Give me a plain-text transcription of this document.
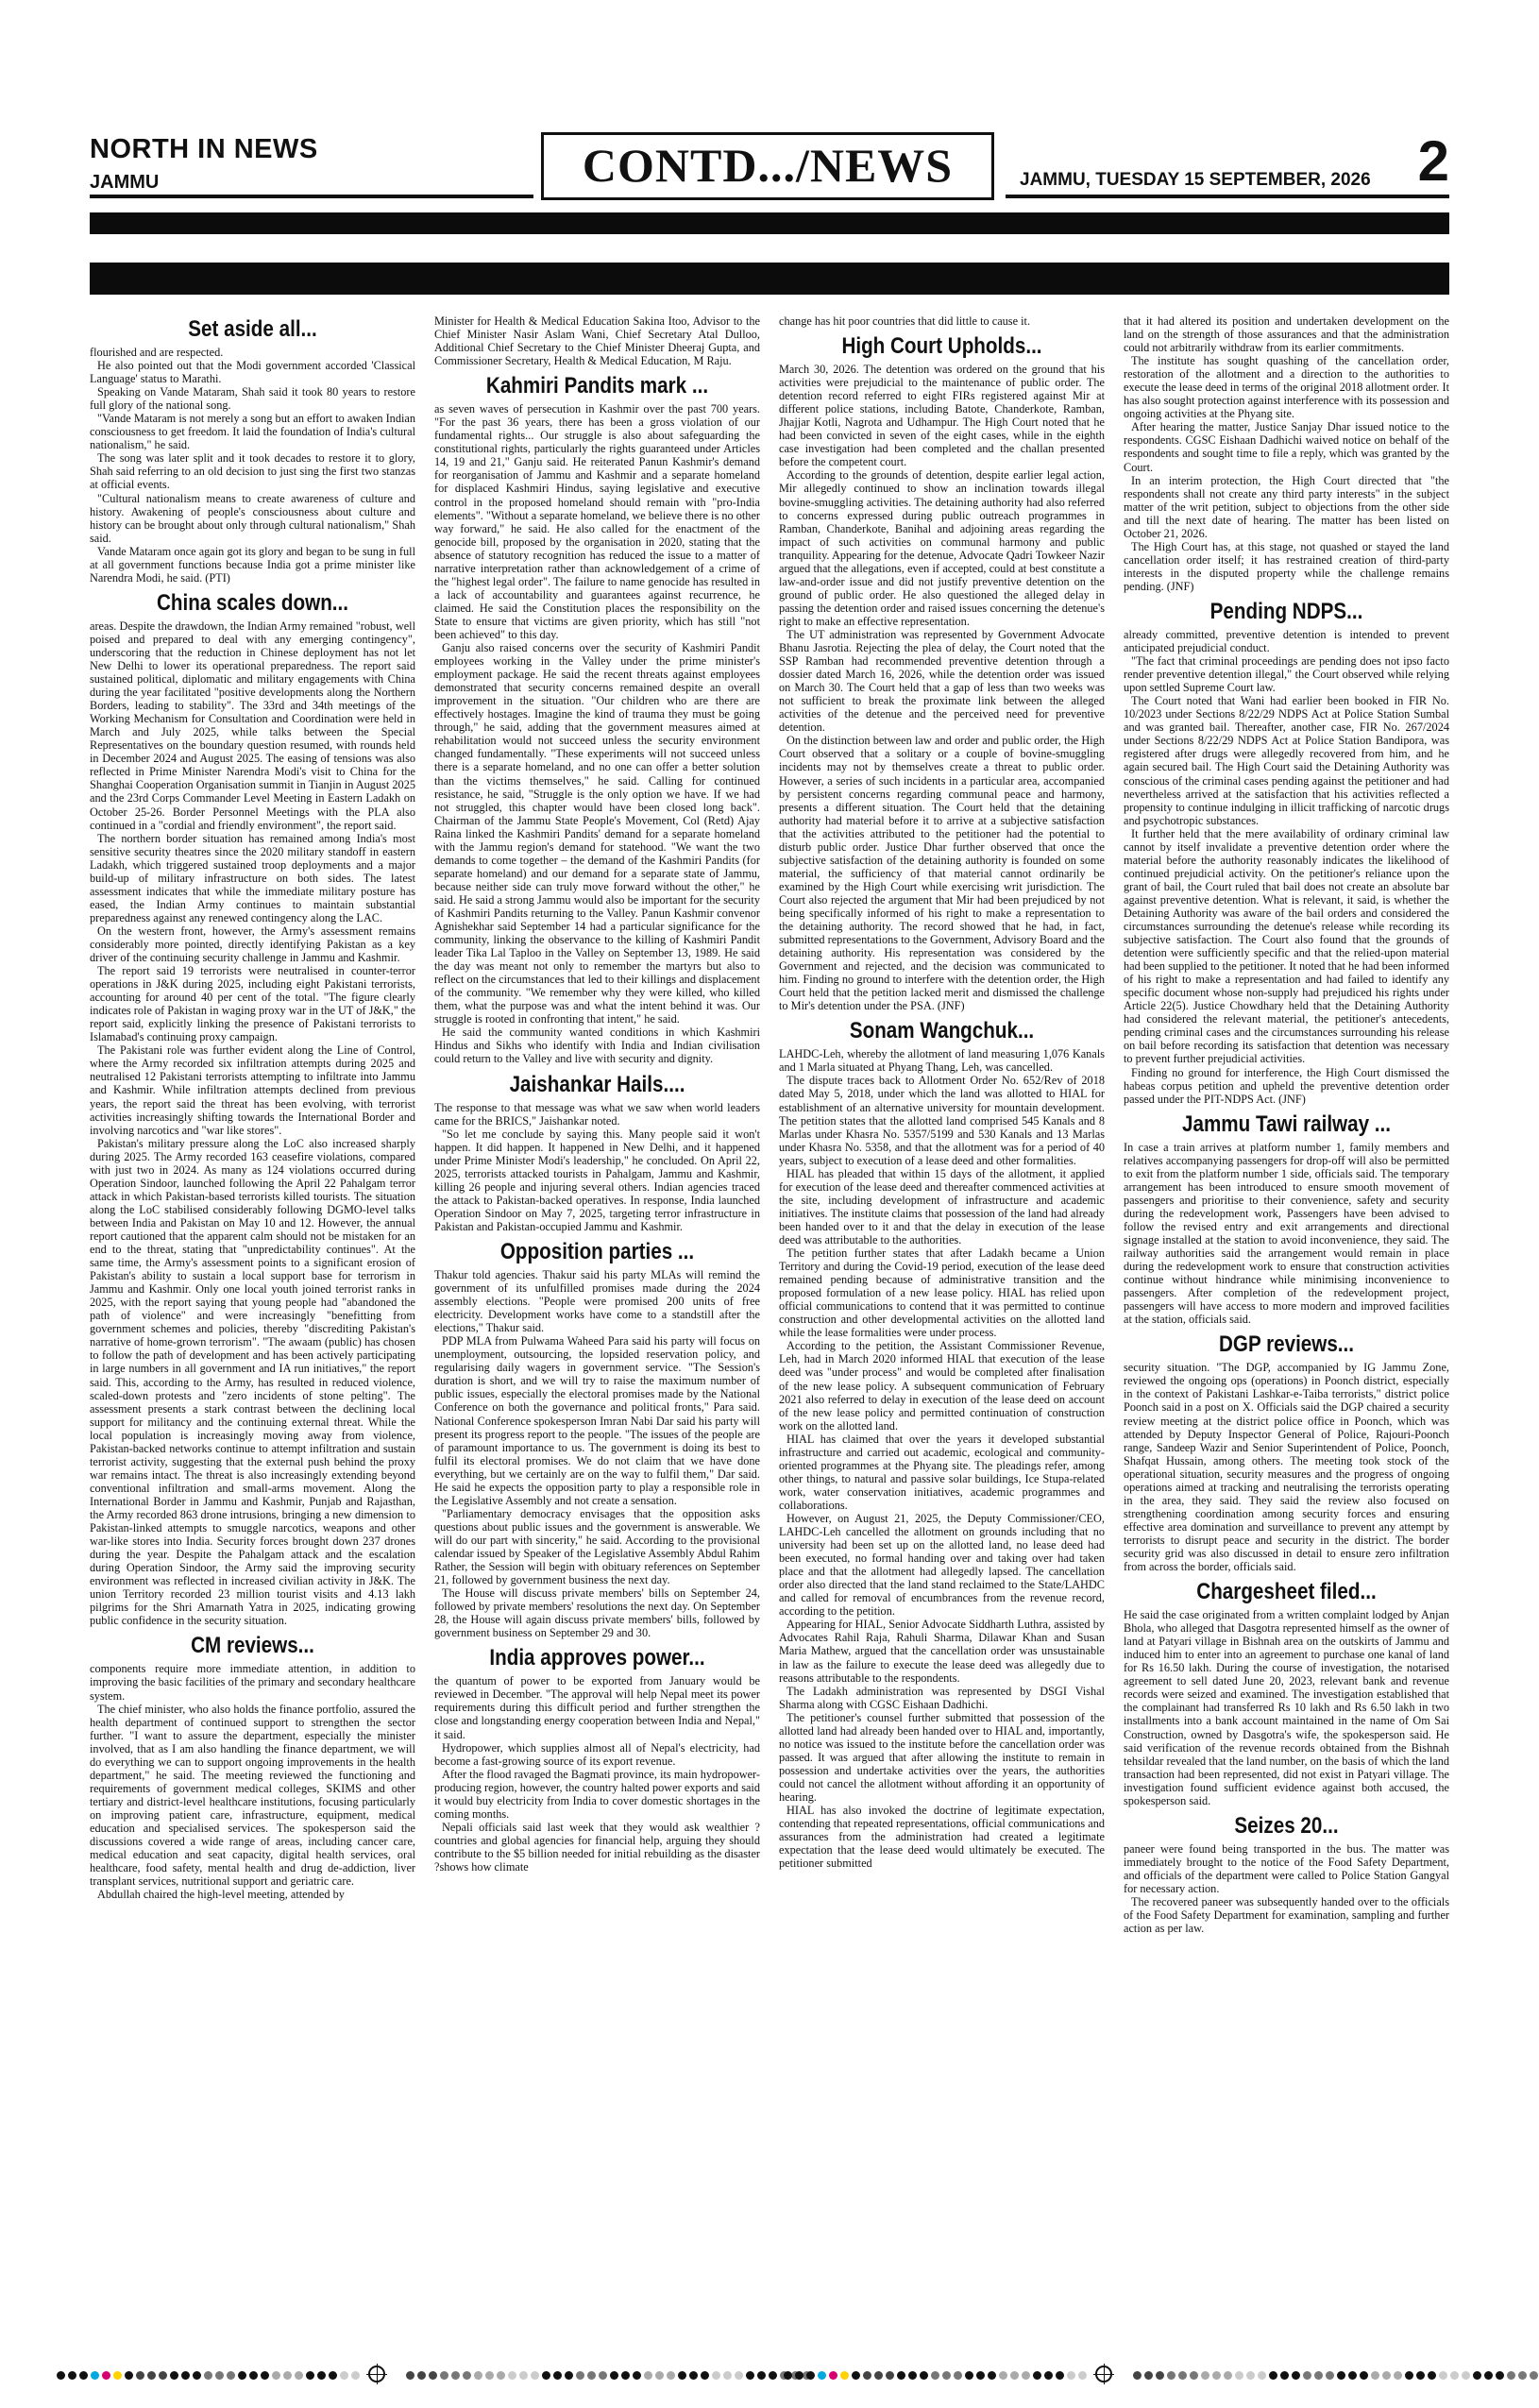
NORTH IN NEWS
JAMMU	CONTD.../NEWS	JAMMU, TUESDAY 15 SEPTEMBER, 2026 2
Set aside all...

flourished and are respected.

He also pointed out that the Modi government accorded 'Classical Language' status to Marathi.

Speaking on Vande Mataram, Shah said it took 80 years to restore full glory of the national song.

"Vande Mataram is not merely a song but an effort to awaken Indian consciousness to get freedom. It laid the foundation of India's cultural nationalism," he said.

The song was later split and it took decades to restore it to glory, Shah said referring to an old decision to just sing the first two stanzas at official events.

"Cultural nationalism means to create awareness of culture and history. Awakening of people's consciousness about culture and history can be brought about only through cultural nationalism," Shah said.

Vande Mataram once again got its glory and began to be sung in full at all government functions because India got a prime minister like Narendra Modi, he said. (PTI)

China scales down...

areas. Despite the drawdown, the Indian Army remained "robust, well poised and prepared to deal with any emerging contingency", underscoring that the reduction in Chinese deployment has not let New Delhi to lower its operational preparedness. The report said sustained political, diplomatic and military engagements with China during the year facilitated "positive developments along the Northern Borders, leading to stability". The 33rd and 34th meetings of the Working Mechanism for Consultation and Coordination were held in March and July 2025, while talks between the Special Representatives on the boundary question resumed, with rounds held in December 2024 and August 2025. The easing of tensions was also reflected in Prime Minister Narendra Modi's visit to China for the Shanghai Cooperation Organisation summit in Tianjin in August 2025 and the 23rd Corps Commander Level Meeting in Eastern Ladakh on October 25-26. Border Personnel Meetings with the PLA also continued in a "cordial and friendly environment", the report said.

The northern border situation has remained among India's most sensitive security theatres since the 2020 military standoff in eastern Ladakh, which triggered sustained troop deployments and a major build-up of military infrastructure on both sides. The latest assessment indicates that while the immediate military posture has eased, the Indian Army continues to maintain substantial preparedness against any renewed contingency along the LAC.

On the western front, however, the Army's assessment remains considerably more pointed, directly identifying Pakistan as a key driver of the continuing security challenge in Jammu and Kashmir.

The report said 19 terrorists were neutralised in counter-terror operations in J&K during 2025, including eight Pakistani terrorists, accounting for around 40 per cent of the total. "The figure clearly indicates role of Pakistan in waging proxy war in the UT of J&K," the report said, explicitly linking the presence of Pakistani terrorists to Islamabad's continuing proxy campaign.

The Pakistani role was further evident along the Line of Control, where the Army recorded six infiltration attempts during 2025 and neutralised 12 Pakistani terrorists attempting to infiltrate into Jammu and Kashmir. While infiltration attempts declined from previous years, the report said the threat has been evolving, with terrorist activities increasingly shifting towards the International Border and involving narcotics and "war like stores".

Pakistan's military pressure along the LoC also increased sharply during 2025. The Army recorded 163 ceasefire violations, compared with just two in 2024. As many as 124 violations occurred during Operation Sindoor, launched following the April 22 Pahalgam terror attack in which Pakistan-based terrorists killed tourists. The situation along the LoC stabilised considerably following DGMO-level talks between India and Pakistan on May 10 and 12. However, the annual report cautioned that the apparent calm should not be mistaken for an end to the threat, stating that "unpredictability continues". At the same time, the Army's assessment points to a significant erosion of Pakistan's ability to sustain a local support base for terrorism in Jammu and Kashmir. Only one local youth joined terrorist ranks in 2025, with the report saying that young people had "abandoned the path of violence" and were increasingly "benefitting from government schemes and policies, thereby "discrediting Pakistan's narrative of home-grown terrorism". "The awaam (public) has chosen to follow the path of development and has been actively participating in large numbers in all government and IA run initiatives," the report said. This, according to the Army, has resulted in reduced violence, scaled-down protests and "zero incidents of stone pelting". The assessment presents a stark contrast between the declining local support for militancy and the continuing external threat. While the local population is increasingly moving away from violence, Pakistan-backed networks continue to attempt infiltration and sustain terrorist activity, suggesting that the external push behind the proxy war remains intact. The threat is also increasingly extending beyond conventional infiltration and small-arms movement. Along the International Border in Jammu and Kashmir, Punjab and Rajasthan, the Army recorded 863 drone intrusions, bringing a new dimension to Pakistan-linked attempts to smuggle narcotics, weapons and other war-like stores into India. Security forces brought down 237 drones during the year. Despite the Pahalgam attack and the escalation during Operation Sindoor, the Army said the improving security environment was reflected in increased civilian activity in J&K. The union Territory recorded 23 million tourist visits and 4.13 lakh pilgrims for the Shri Amarnath Yatra in 2025, indicating growing public confidence in the security situation.

CM reviews...

components require more immediate attention, in addition to improving the basic facilities of the primary and secondary healthcare system.

The chief minister, who also holds the finance portfolio, assured the health department of continued support to strengthen the sector further. "I want to assure the department, especially the minister involved, that as I am also handling the finance department, we will do everything we can to support ongoing improvements in the health department," he said. The meeting reviewed the functioning and requirements of government medical colleges, SKIMS and other tertiary and district-level healthcare institutions, focusing particularly on improving patient care, infrastructure, equipment, medical education and specialised services. The spokesperson said the discussions covered a wide range of areas, including cancer care, medical education and seat capacity, digital health services, oral healthcare, food safety, mental health and drug de-addiction, liver transplant services, nutritional support and geriatric care.

Abdullah chaired the high-level meeting, attended by

Minister for Health & Medical Education Sakina Itoo, Advisor to the Chief Minister Nasir Aslam Wani, Chief Secretary Atal Dulloo, Additional Chief Secretary to the Chief Minister Dheeraj Gupta, and Commissioner Secretary, Health & Medical Education, M Raju.

Kahmiri Pandits mark ...

as seven waves of persecution in Kashmir over the past 700 years. "For the past 36 years, there has been a gross violation of our fundamental rights... Our struggle is also about safeguarding the constitutional rights, particularly the rights guaranteed under Articles 14, 19 and 21," Ganju said. He reiterated Panun Kashmir's demand for reorganisation of Jammu and Kashmir and a separate homeland for displaced Kashmiri Hindus, saying legislative and executive control in the proposed homeland should remain with "pro-India elements". "Without a separate homeland, we believe there is no other way forward," he said. He also called for the enactment of the genocide bill, proposed by the organisation in 2020, stating that the absence of statutory recognition has reduced the issue to a matter of narrative interpretation rather than acknowledgement of a crime of the "highest legal order". The failure to name genocide has resulted in a lack of accountability and guarantees against recurrence, he claimed. He said the Constitution places the responsibility on the State to ensure that victims are given priority, which has still "not been achieved" to this day.

Ganju also raised concerns over the security of Kashmiri Pandit employees working in the Valley under the prime minister's employment package. He said the recent threats against employees demonstrated that security concerns remained despite an overall improvement in the situation. "Our children who are there are effectively hostages. Imagine the kind of trauma they must be going through," he said, adding that the government measures aimed at rehabilitation would not succeed unless the security environment changed fundamentally. "These experiments will not succeed unless there is a separate homeland, and no one can offer a better solution than the victims themselves," he said. Calling for continued resistance, he said, "Struggle is the only option we have. If we had not struggled, this chapter would have been closed long back". Chairman of the Jammu State People's Movement, Col (Retd) Ajay Raina linked the Kashmiri Pandits' demand for a separate homeland with the Jammu region's demand for statehood. "We want the two demands to come together – the demand of the Kashmiri Pandits (for separate homeland) and our demand for a separate state of Jammu, because neither side can truly move forward without the other," he said. He said a strong Jammu would also be important for the security of Kashmiri Pandits returning to the Valley. Panun Kashmir convenor Agnishekhar said September 14 had a particular significance for the community, linking the observance to the killing of Kashmiri Pandit leader Tika Lal Taploo in the Valley on September 13, 1989. He said the day was meant not only to remember the martyrs but also to reflect on the circumstances that led to their killings and displacement of the community. "We remember why they were killed, who killed them, what the purpose was and what the intent behind it was. Our struggle is rooted in confronting that intent," he said.

He said the community wanted conditions in which Kashmiri Hindus and Sikhs who identify with India and Indian civilisation could return to the Valley and live with security and dignity.

Jaishankar Hails....

The response to that message was what we saw when world leaders came for the BRICS," Jaishankar noted.

"So let me conclude by saying this. Many people said it won't happen. It did happen. It happened in New Delhi, and it happened under Prime Minister Modi's leadership," he concluded. On April 22, 2025, terrorists attacked tourists in Pahalgam, Jammu and Kashmir, killing 26 people and injuring several others. Indian agencies traced the attack to Pakistan-backed operatives. In response, India launched Operation Sindoor on May 7, 2025, targeting terror infrastructure in Pakistan and Pakistan-occupied Jammu and Kashmir.

Opposition parties ...

Thakur told agencies. Thakur said his party MLAs will remind the government of its unfulfilled promises made during the 2024 assembly elections. "People were promised 200 units of free electricity. Development works have come to a standstill after the elections," Thakur said.

PDP MLA from Pulwama Waheed Para said his party will focus on unemployment, outsourcing, the lopsided reservation policy, and regularising daily wagers in government service. "The Session's duration is short, and we will try to raise the maximum number of public issues, especially the electoral promises made by the National Conference on both the governance and political fronts," Para said. National Conference spokesperson Imran Nabi Dar said his party will present its progress report to the people. "The issues of the people are of paramount importance to us. The government is doing its best to fulfil its electoral promises. We do not claim that we have done everything, but we certainly are on the way to fulfil them," Dar said. He said he expects the opposition party to play a responsible role in the Legislative Assembly and not create a sensation.

"Parliamentary democracy envisages that the opposition asks questions about public issues and the government is answerable. We will do our part with sincerity," he said. According to the provisional calendar issued by Speaker of the Legislative Assembly Abdul Rahim Rather, the Session will begin with obituary references on September 21, followed by government business the next day.

The House will discuss private members' bills on September 24, followed by private members' resolutions the next day. On September 28, the House will again discuss private members' bills, followed by government business on September 29 and 30.

India approves power...

the quantum of power to be exported from January would be reviewed in December. "The approval will help Nepal meet its power requirements during this difficult period and further strengthen the close and longstanding energy cooperation between India and Nepal," it said.

Hydropower, which supplies almost all of Nepal's electricity, had become a fast-growing source of its export revenue.

After the flood ravaged the Bagmati province, its main hydropower-producing region, however, the country halted power exports and said it would buy electricity from India to cover domestic shortages in the coming months.

Nepali officials said last week that they would ask wealthier ?countries and global agencies for financial help, arguing they should contribute to the $5 billion needed for initial rebuilding as the disaster ?shows how climate

change has hit poor countries that did little to cause it.

High Court Upholds...

March 30, 2026. The detention was ordered on the ground that his activities were prejudicial to the maintenance of public order. The detention record referred to eight FIRs registered against Mir at different police stations, including Batote, Chanderkote, Ramban, Jhajjar Kotli, Nagrota and Udhampur. The High Court noted that he had been convicted in seven of the eight cases, while in the eighth case investigation had been completed and the challan presented before the competent court.

According to the grounds of detention, despite earlier legal action, Mir allegedly continued to show an inclination towards illegal bovine-smuggling activities. The detaining authority had also referred to concerns expressed during public outreach programmes in Ramban, Chanderkote, Banihal and adjoining areas regarding the impact of such activities on communal harmony and public tranquility. Appearing for the detenue, Advocate Qadri Towkeer Nazir argued that the allegations, even if accepted, could at best constitute a law-and-order issue and did not justify preventive detention on the ground of public order. He also questioned the alleged delay in passing the detention order and raised issues concerning the detenue's right to make an effective representation.

The UT administration was represented by Government Advocate Bhanu Jasrotia. Rejecting the plea of delay, the Court noted that the SSP Ramban had recommended preventive detention through a dossier dated March 16, 2026, while the detention order was issued on March 30. The Court held that a gap of less than two weeks was not sufficient to break the proximate link between the alleged activities of the detenue and the perceived need for preventive detention.

On the distinction between law and order and public order, the High Court observed that a solitary or a couple of bovine-smuggling incidents may not by themselves create a threat to public order. However, a series of such incidents in a particular area, accompanied by persistent concerns regarding communal peace and harmony, presents a different situation. The Court held that the detaining authority had material before it to arrive at a subjective satisfaction that the activities attributed to the petitioner had the potential to disturb public order. Justice Dhar further observed that once the subjective satisfaction of the detaining authority is founded on some material, the sufficiency of that material cannot ordinarily be examined by the High Court while exercising writ jurisdiction. The Court also rejected the argument that Mir had been prejudiced by not being specifically informed of his right to make a representation to the detaining authority. The record showed that he had, in fact, submitted representations to the Government, Advisory Board and the detaining authority. His representation was considered by the Government and rejected, and the decision was communicated to him. Finding no ground to interfere with the detention order, the High Court held that the petition lacked merit and dismissed the challenge to Mir's detention under the PSA. (JNF)

Sonam Wangchuk...

LAHDC-Leh, whereby the allotment of land measuring 1,076 Kanals and 1 Marla situated at Phyang Thang, Leh, was cancelled.

The dispute traces back to Allotment Order No. 652/Rev of 2018 dated May 5, 2018, under which the land was allotted to HIAL for establishment of an alternative university for mountain development. The petition states that the allotted land comprised 545 Kanals and 8 Marlas under Khasra No. 5357/5199 and 530 Kanals and 13 Marlas under Khasra No. 5358, and that the allotment was for a period of 40 years, subject to execution of a lease deed and other formalities.

HIAL has pleaded that within 15 days of the allotment, it applied for execution of the lease deed and thereafter commenced activities at the site, including development of infrastructure and academic initiatives. The institute claims that possession of the land had already been handed over to it and that the delay in execution of the lease deed was attributable to the authorities.

The petition further states that after Ladakh became a Union Territory and during the Covid-19 period, execution of the lease deed remained pending because of administrative transition and the proposed formulation of a new lease policy. HIAL has relied upon official communications to contend that it was permitted to continue construction and other developmental activities on the allotted land while the lease formalities were under process.

According to the petition, the Assistant Commissioner Revenue, Leh, had in March 2020 informed HIAL that execution of the lease deed was "under process" and would be completed after finalisation of the new lease policy. A subsequent communication of February 2021 also referred to delay in execution of the lease deed on account of the new lease policy and permitted continuation of construction work on the allotted land.

HIAL has claimed that over the years it developed substantial infrastructure and carried out academic, ecological and community-oriented programmes at the Phyang site. The pleadings refer, among other things, to natural and passive solar buildings, Ice Stupa-related work, water conservation initiatives, academic programmes and collaborations.

However, on August 21, 2025, the Deputy Commissioner/CEO, LAHDC-Leh cancelled the allotment on grounds including that no university had been set up on the allotted land, no lease deed had been executed, no formal handing over and taking over had taken place and that the allotment had allegedly lapsed. The cancellation order also directed that the land stand reclaimed to the State/LAHDC and called for removal of encumbrances from the revenue record, according to the petition.

Appearing for HIAL, Senior Advocate Siddharth Luthra, assisted by Advocates Rahil Raja, Rahuli Sharma, Dilawar Khan and Susan Maria Mathew, argued that the cancellation order was unsustainable in law as the failure to execute the lease deed was allegedly due to reasons attributable to the respondents.

The Ladakh administration was represented by DSGI Vishal Sharma along with CGSC Eishaan Dadhichi.

The petitioner's counsel further submitted that possession of the allotted land had already been handed over to HIAL and, importantly, no notice was issued to the institute before the cancellation order was passed. It was argued that after allowing the institute to remain in possession and undertake activities over the years, the authorities could not cancel the allotment without affording it an opportunity of hearing.

HIAL has also invoked the doctrine of legitimate expectation, contending that repeated representations, official communications and assurances from the administration had created a legitimate expectation that the lease deed would ultimately be executed. The petitioner submitted

that it had altered its position and undertaken development on the land on the strength of those assurances and that the administration could not arbitrarily withdraw from its earlier commitments.

The institute has sought quashing of the cancellation order, restoration of the allotment and a direction to the authorities to execute the lease deed in terms of the original 2018 allotment order. It has also sought protection against interference with its possession and ongoing activities at the Phyang site.

After hearing the matter, Justice Sanjay Dhar issued notice to the respondents. CGSC Eishaan Dadhichi waived notice on behalf of the respondents and sought time to file a reply, which was granted by the Court.

In an interim protection, the High Court directed that "the respondents shall not create any third party interests" in the subject matter of the writ petition, subject to objections from the other side and till the next date of hearing. The matter has been listed on October 21, 2026.

The High Court has, at this stage, not quashed or stayed the land cancellation order itself; it has restrained creation of third-party interests in the disputed property while the challenge remains pending. (JNF)

Pending NDPS...

already committed, preventive detention is intended to prevent anticipated prejudicial conduct.

"The fact that criminal proceedings are pending does not ipso facto render preventive detention illegal," the Court observed while relying upon settled Supreme Court law.

The Court noted that Wani had earlier been booked in FIR No. 10/2023 under Sections 8/22/29 NDPS Act at Police Station Sumbal and was granted bail. Thereafter, another case, FIR No. 267/2024 under Sections 8/22/29 NDPS Act at Police Station Bandipora, was registered after drugs were allegedly recovered from him, and he again secured bail. The High Court said the Detaining Authority was conscious of the criminal cases pending against the petitioner and had nevertheless arrived at the satisfaction that his activities reflected a propensity to continue indulging in illicit trafficking of narcotic drugs and psychotropic substances.

It further held that the mere availability of ordinary criminal law cannot by itself invalidate a preventive detention order where the material before the authority reasonably indicates the likelihood of continued prejudicial activity. On the petitioner's reliance upon the grant of bail, the Court ruled that bail does not create an absolute bar against preventive detention. What is relevant, it said, is whether the Detaining Authority was aware of the bail orders and considered the circumstances surrounding the detenue's release while recording its subjective satisfaction. The Court also found that the grounds of detention were sufficiently specific and that the relied-upon material had been supplied to the petitioner. It noted that he had been informed of his right to make a representation and had failed to identify any specific document whose non-supply had prejudiced his rights under Article 22(5). Justice Chowdhary held that the Detaining Authority had considered the relevant material, the petitioner's antecedents, pending criminal cases and the circumstances surrounding his release on bail before recording its satisfaction that detention was necessary to prevent further prejudicial activities.

Finding no ground for interference, the High Court dismissed the habeas corpus petition and upheld the preventive detention order passed under the PIT-NDPS Act. (JNF)

Jammu Tawi railway ...

In case a train arrives at platform number 1, family members and relatives accompanying passengers for drop-off will also be permitted to exit from the platform number 1 side, officials said. The temporary arrangement has been introduced to ensure smooth movement of passengers and prioritise to their convenience, safety and security during the redevelopment work, Passengers have been advised to follow the revised entry and exit arrangements and directional signage installed at the station to avoid inconvenience, they said. The railway authorities said the arrangement would remain in place during the redevelopment work to ensure that construction activities continue without hindrance while minimising inconvenience to passengers. After completion of the redevelopment project, passengers will have access to more modern and improved facilities at the station, officials said.

DGP reviews...

security situation. "The DGP, accompanied by IG Jammu Zone, reviewed the ongoing ops (operations) in Poonch district, especially in the context of Pakistani Lashkar-e-Taiba terrorists," district police Poonch said in a post on X. Officials said the DGP chaired a security review meeting at the district police office in Poonch, which was attended by Deputy Inspector General of Police, Rajouri-Poonch range, Sandeep Wazir and Senior Superintendent of Police, Poonch, Shafqat Hussain, among others. The meeting took stock of the operational situation, security measures and the progress of ongoing operations aimed at tracking and neutralising the terrorists operating in the area, they said. They said the review also focused on strengthening coordination among security forces and ensuring effective area domination and surveillance to prevent any attempt by terrorists to disrupt peace and security in the district. The border security grid was also discussed in detail to ensure zero infiltration from across the border, officials said.

Chargesheet filed...

He said the case originated from a written complaint lodged by Anjan Bhola, who alleged that Dasgotra represented himself as the owner of land at Patyari village in Bishnah area on the outskirts of Jammu and induced him to enter into an agreement to purchase one kanal of land for Rs 16.50 lakh. During the course of investigation, the notarised agreement to sell dated June 20, 2023, relevant bank and revenue records were seized and examined. The investigation established that the complainant had transferred Rs 10 lakh and Rs 6.50 lakh in two installments into a bank account maintained in the name of Om Sai Construction, owned by Dasgotra's wife, the spokesperson said. He said verification of the revenue records obtained from the Bishnah tehsildar revealed that the land number, on the basis of which the land transaction had been represented, did not exist in Patyari village. The investigation found sufficient evidence against both accused, the spokesperson said.

Seizes 20...

paneer were found being transported in the bus. The matter was immediately brought to the notice of the Food Safety Department, and officials of the department were called to Police Station Gangyal for necessary action.

The recovered paneer was subsequently handed over to the officials of the Food Safety Department for examination, sampling and further action as per law.
